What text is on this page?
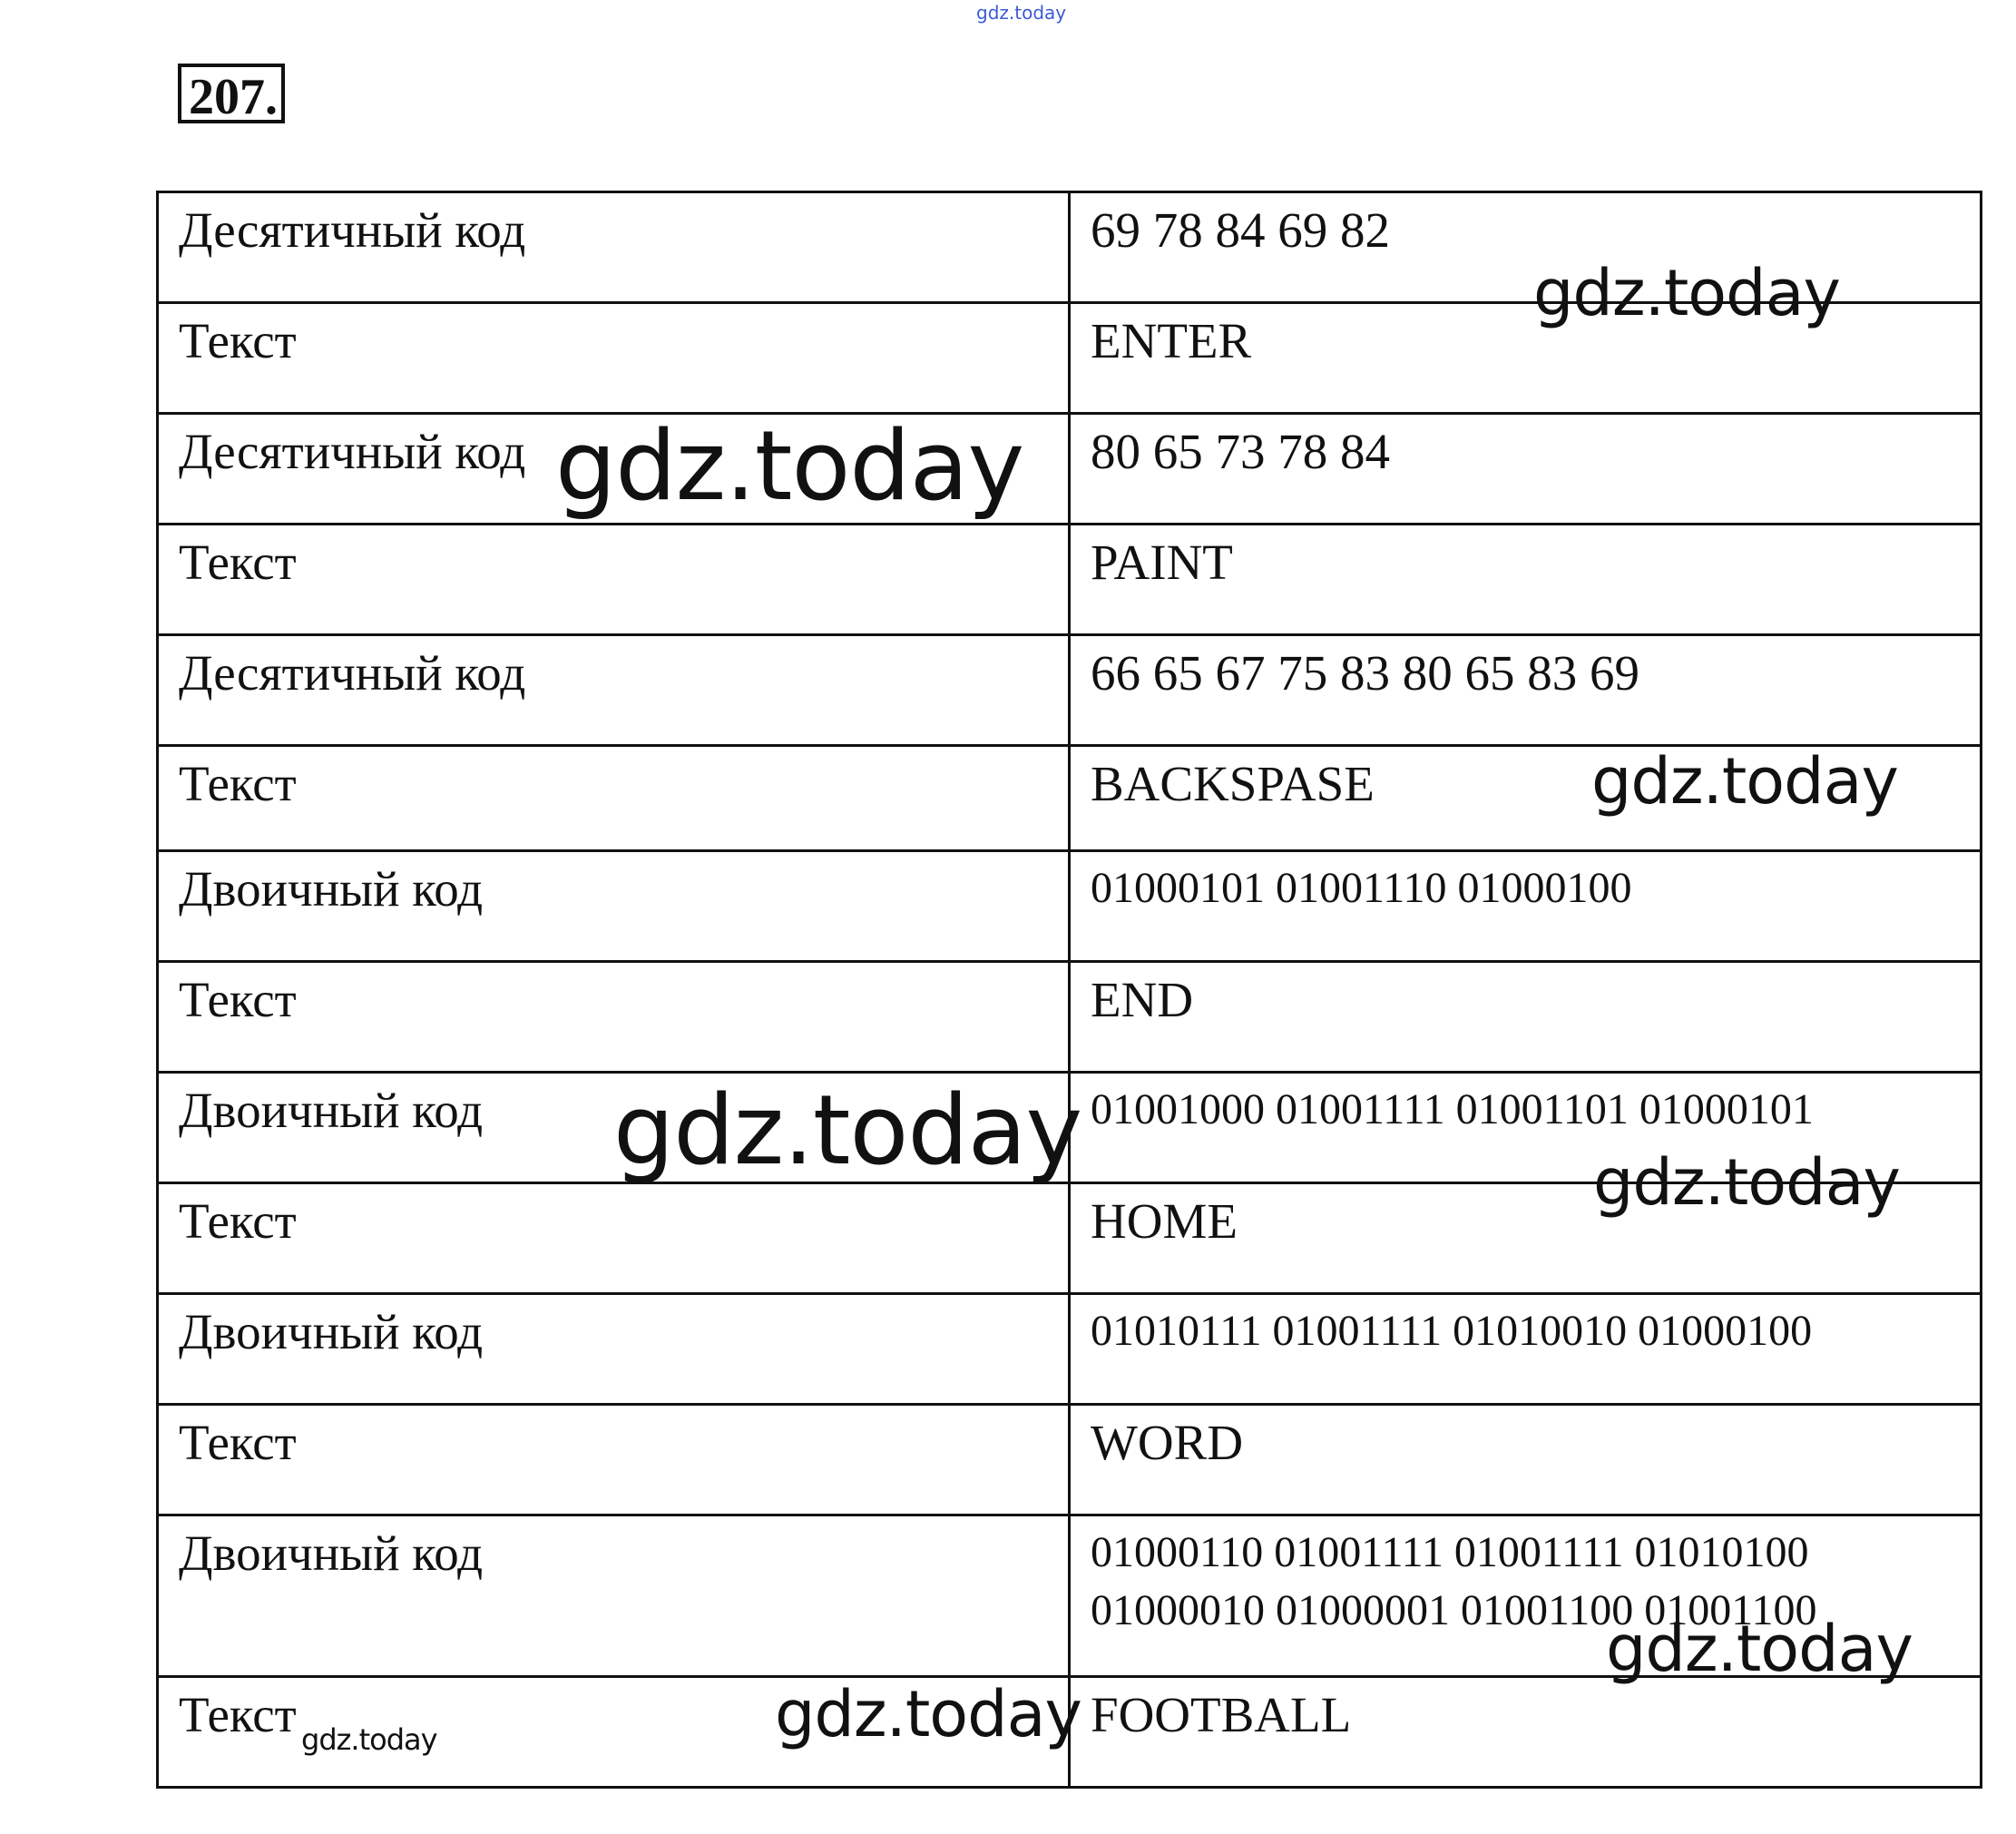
gdz.today
207.
Десятичный код	69 78 84 69 82

Текст	ENTER

Десятичный код	80 65 73 78 84

Текст	PAINT

Десятичный код	66 65 67 75 83 80 65 83 69

Текст	BACKSPASE

Двоичный код	01000101 01001110 01000100

Текст	END

Двоичный код	01001000 01001111 01001101 01000101

Текст	HOME

Двоичный код	01010111 01001111 01010010 01000100

Текст	WORD

Двоичный код	01000110 01001111 01001111 01010100
01000010 01000001 01001100 01001100

Текст	FOOTBALL
gdz.today
gdz.today
gdz.today
gdz.today	gdz.today
gdz.today
gdz.today
gdz.today
